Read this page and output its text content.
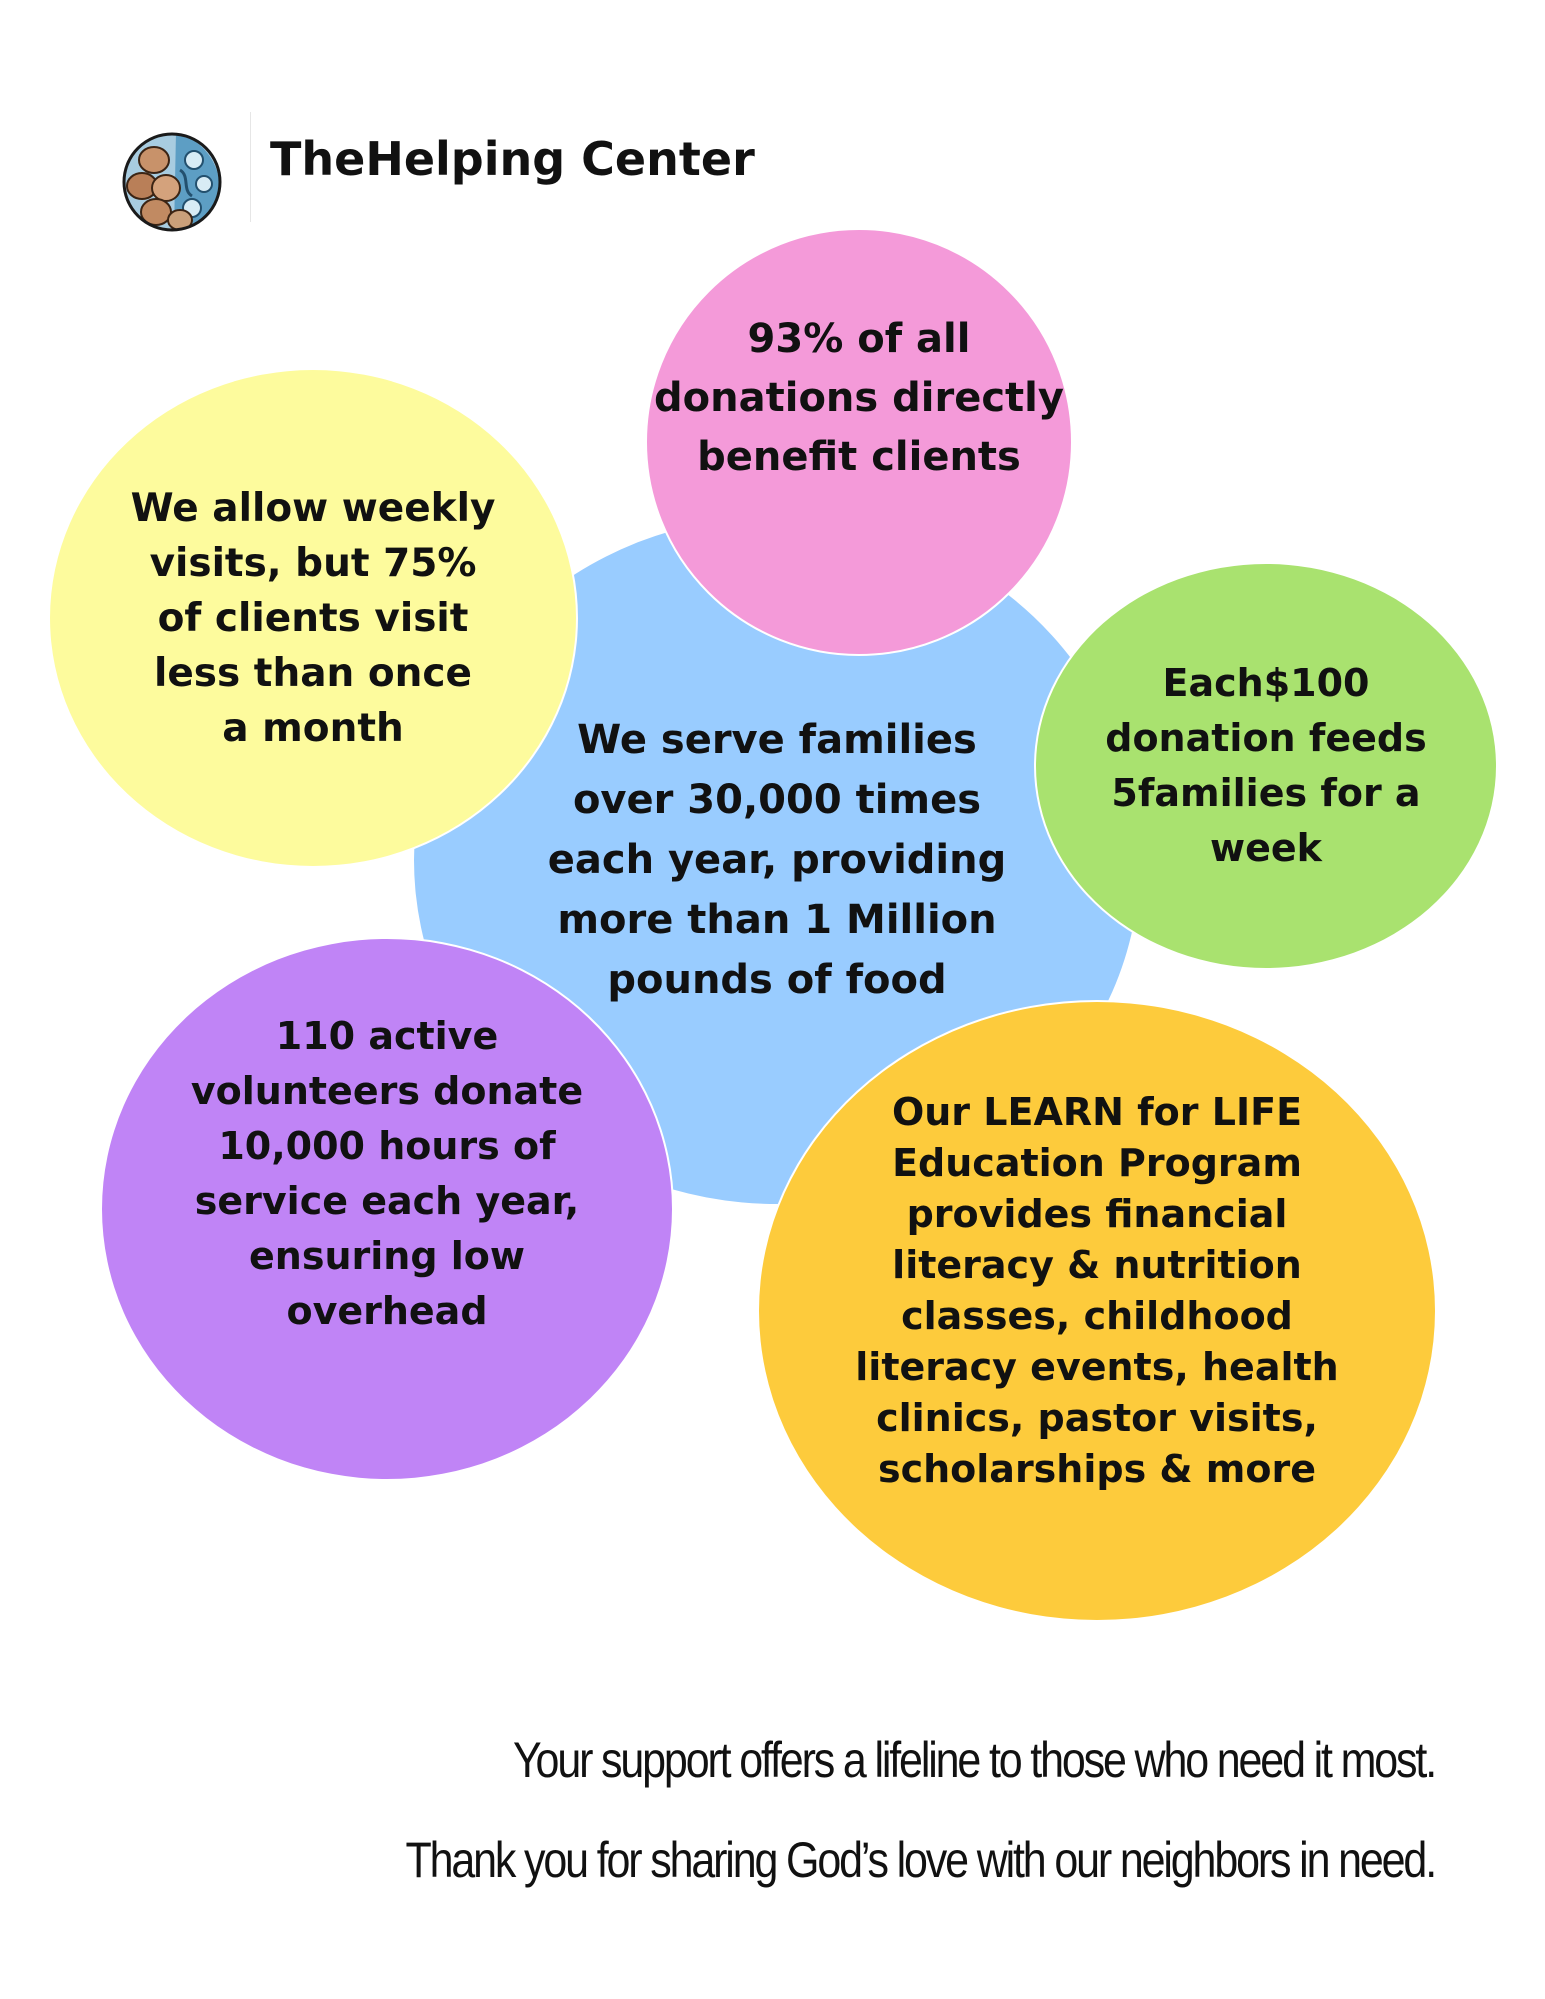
TheHelping Center
We serve families
over 30,000 times
each year, providing
more than 1 Million
pounds of food
93% of all
donations directly
benefit clients
We allow weekly
visits, but 75%
of clients visit
less than once
a month
Each$100
donation feeds
5families for a
week
110 active
volunteers donate
10,000 hours of
service each year,
ensuring low
overhead
Our LEARN for LIFE
Education Program
provides financial
literacy & nutrition
classes, childhood
literacy events, health
clinics, pastor visits,
scholarships & more
Your support offers a lifeline to those who need it most.
Thank you for sharing God’s love with our neighbors in need.
